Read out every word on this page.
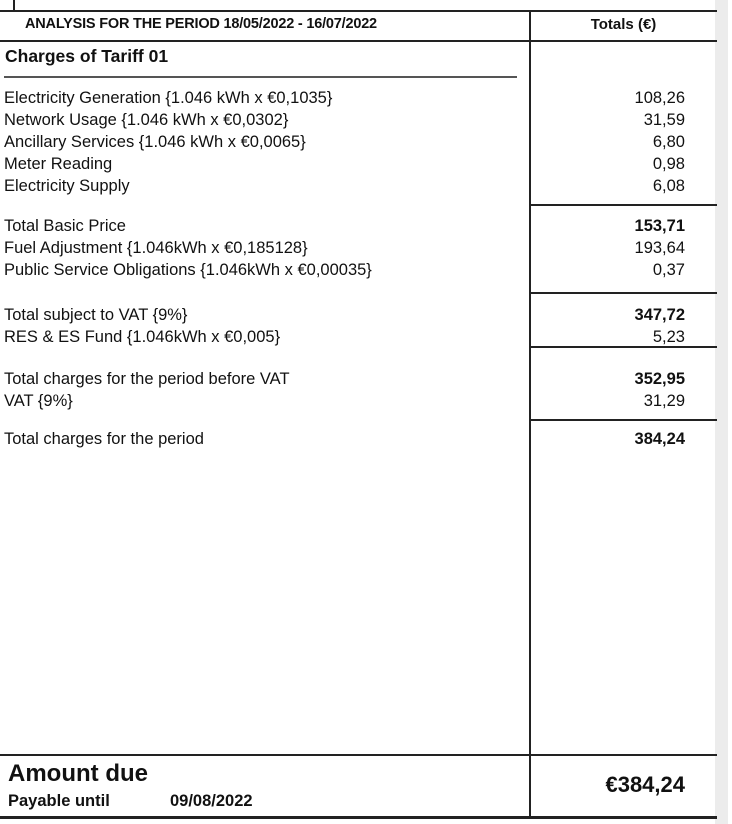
ANALYSIS FOR THE PERIOD 18/05/2022 - 16/07/2022	Totals (€)
Charges of Tariff 01
Electricity Generation {1.046 kWh x €0,1035}	108,26
Network Usage {1.046 kWh x €0,0302}	31,59
Ancillary Services {1.046 kWh x €0,0065}	6,80
Meter Reading	0,98
Electricity Supply	6,08
Total Basic Price	153,71
Fuel Adjustment {1.046kWh x €0,185128}	193,64
Public Service Obligations {1.046kWh x €0,00035}	0,37
Total subject to VAT {9%}	347,72
RES & ES Fund {1.046kWh x €0,005}	5,23
Total charges for the period before VAT	352,95
VAT {9%}	31,29
Total charges for the period	384,24
Amount due
Payable until	09/08/2022
€384,24
